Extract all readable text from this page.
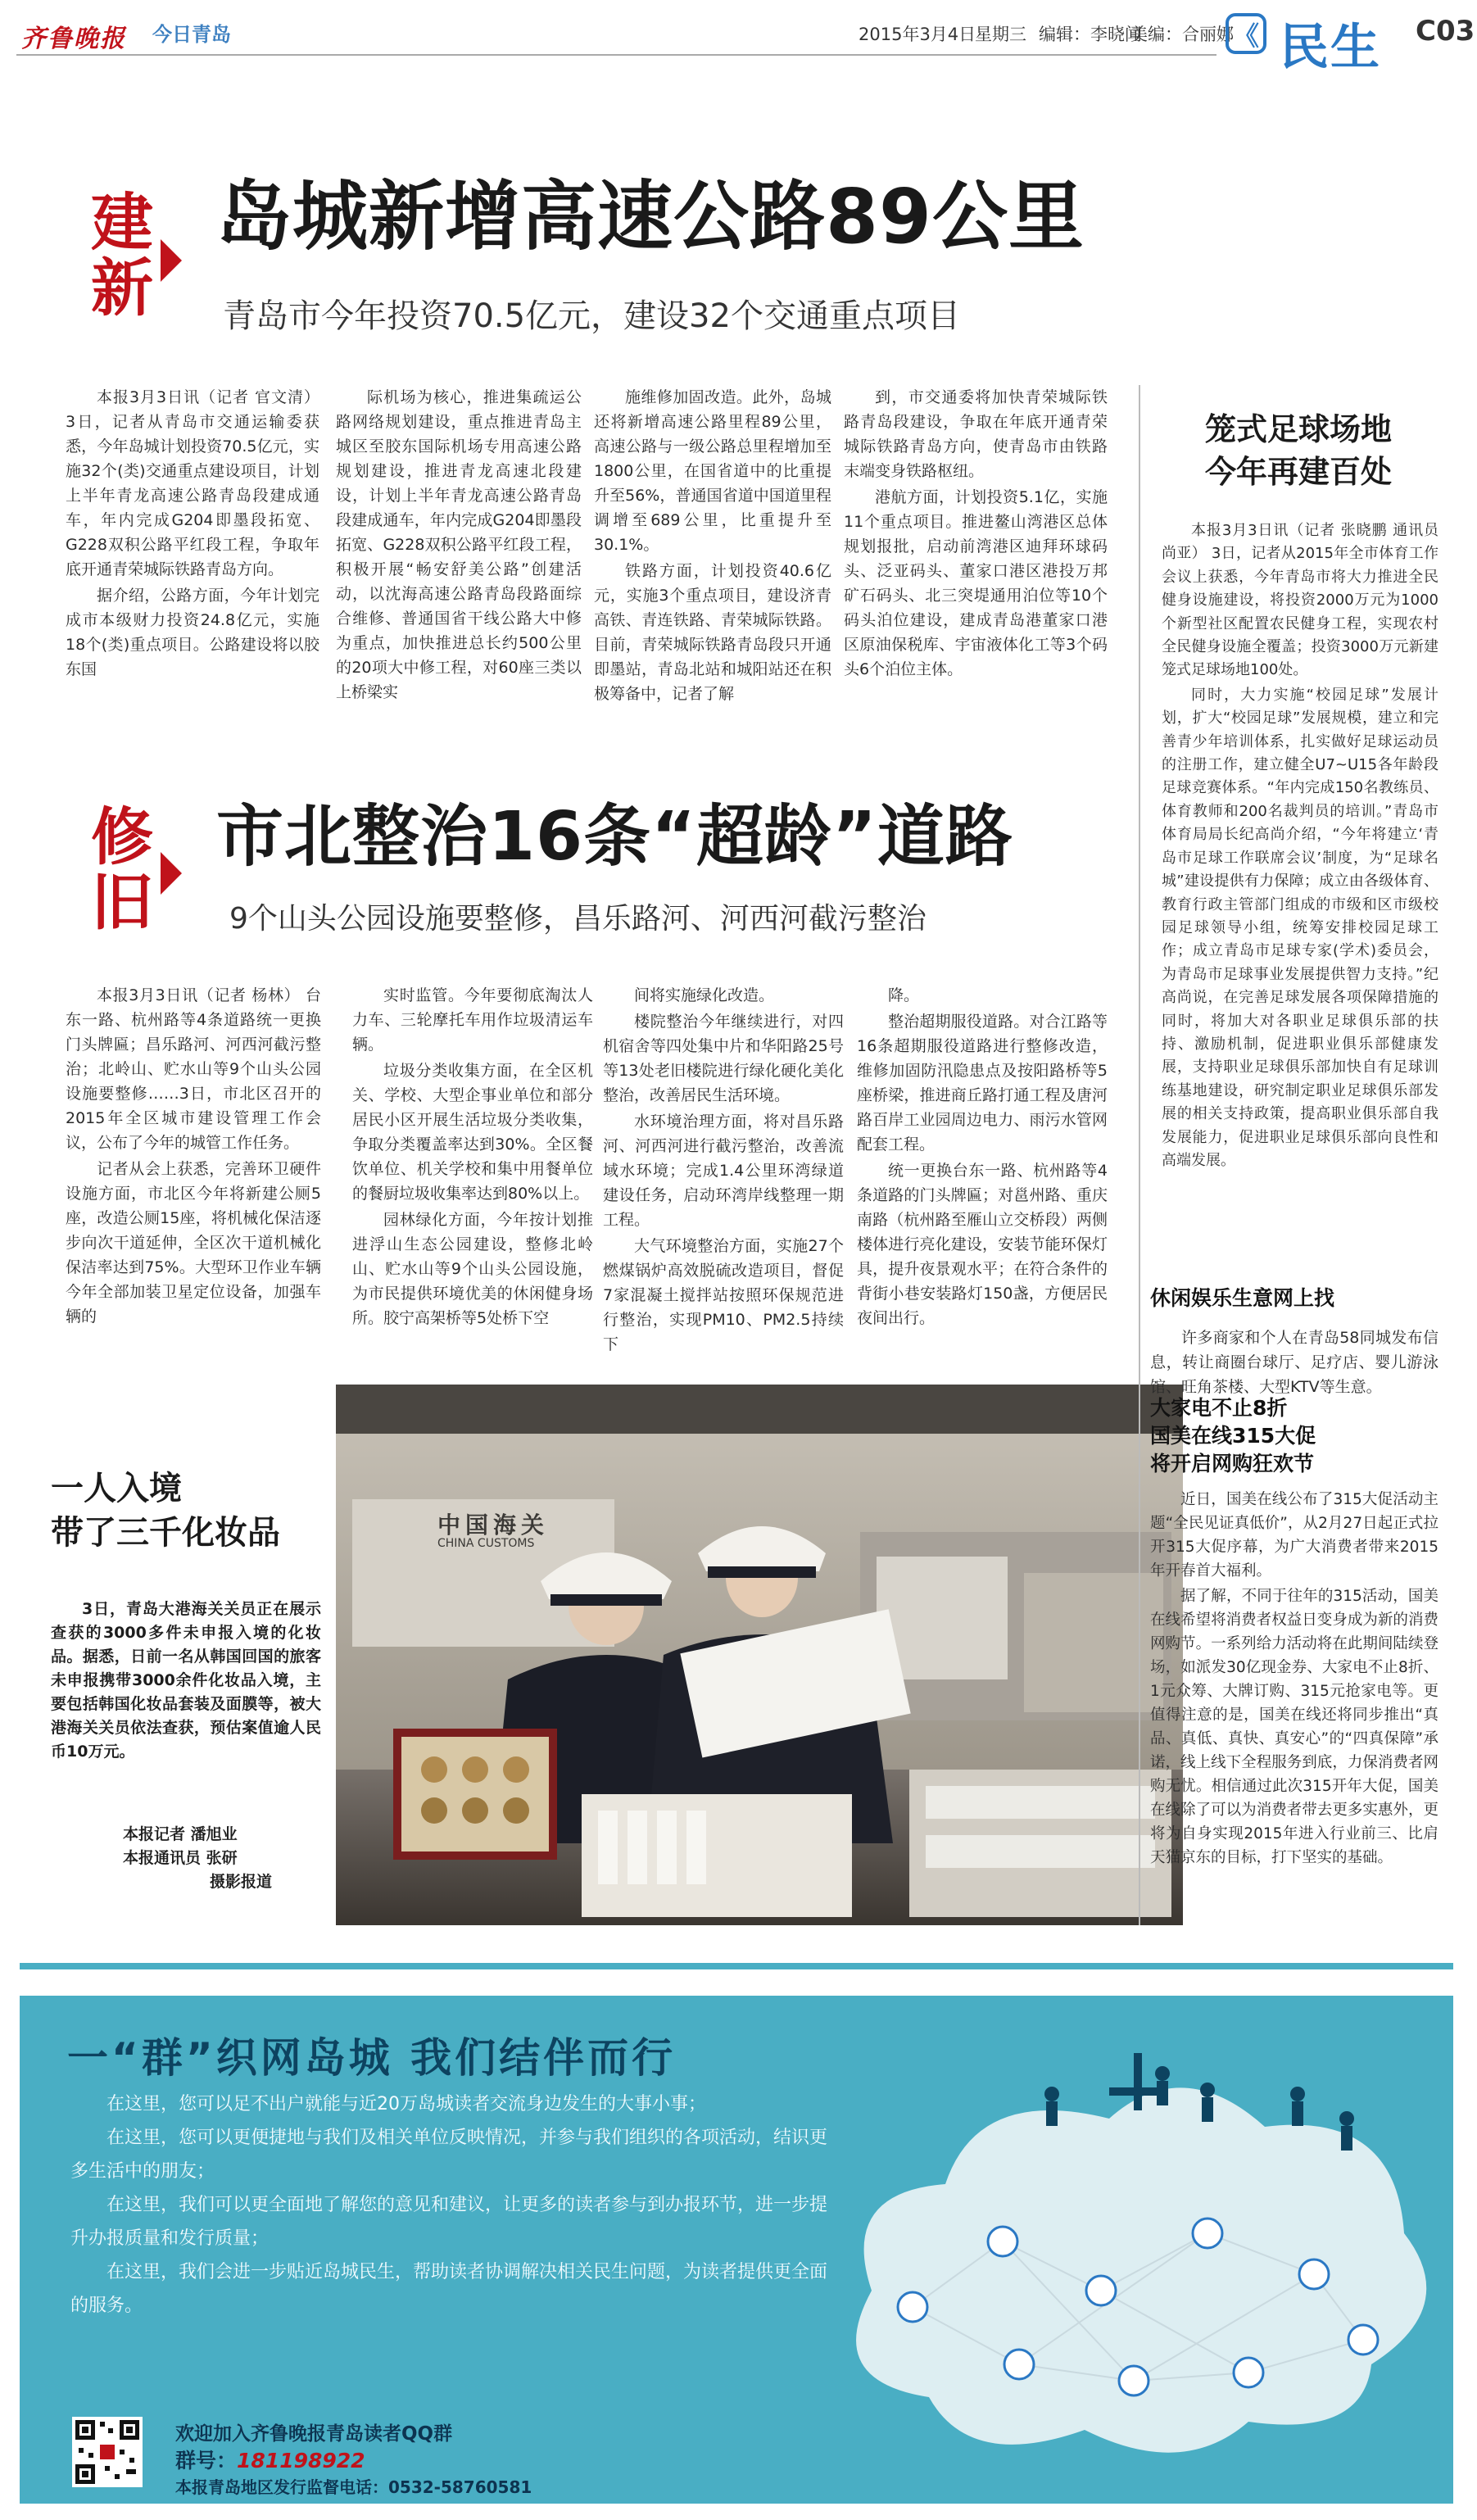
齐鲁晚报 今日青岛	2015年3月4日
星期三 编辑：李晓闻
美编：合丽娜
《 民生 C03
建新
岛城新增高速公路89公里
青岛市今年投资70.5亿元，建设32个交通重点项目

本报3月3日讯（记者 官文清） 3日，记者从青岛市交通运输委获悉，今年岛城计划投资70.5亿元，实施32个(类)交通重点建设项目，计划上半年青龙高速公路青岛段建成通车，年内完成G204即墨段拓宽、G228双积公路平红段工程，争取年底开通青荣城际铁路青岛方向。

据介绍，公路方面，今年计划完成市本级财力投资24.8亿元，实施18个(类)重点项目。公路建设将以胶东国

际机场为核心，推进集疏运公路网络规划建设，重点推进青岛主城区至胶东国际机场专用高速公路规划建设，推进青龙高速北段建设，计划上半年青龙高速公路青岛段建成通车，年内完成G204即墨段拓宽、G228双积公路平红段工程，积极开展“畅安舒美公路”创建活动，以沈海高速公路青岛段路面综合维修、普通国省干线公路大中修为重点，加快推进总长约500公里的20项大中修工程，对60座三类以上桥梁实

施维修加固改造。此外，岛城还将新增高速公路里程89公里，高速公路与一级公路总里程增加至1800公里，在国省道中的比重提升至56%，普通国省道中国道里程调增至689公里，比重提升至30.1%。

铁路方面，计划投资40.6亿元，实施3个重点项目，建设济青高铁、青连铁路、青荣城际铁路。目前，青荣城际铁路青岛段只开通即墨站，青岛北站和城阳站还在积极筹备中，记者了解

到，市交通委将加快青荣城际铁路青岛段建设，争取在年底开通青荣城际铁路青岛方向，使青岛市由铁路末端变身铁路枢纽。

港航方面，计划投资5.1亿，实施11个重点项目。推进鳌山湾港区总体规划报批，启动前湾港区迪拜环球码头、泛亚码头、董家口港区港投万邦矿石码头、北三突堤通用泊位等10个码头泊位建设，建成青岛港董家口港区原油保税库、宇宙液体化工等3个码头6个泊位主体。

修旧
市北整治16条“超龄”道路
9个山头公园设施要整修，昌乐路河、河西河截污整治

本报3月3日讯（记者 杨林） 台东一路、杭州路等4条道路统一更换门头牌匾；昌乐路河、河西河截污整治；北岭山、贮水山等9个山头公园设施要整修……3日，市北区召开的2015年全区城市建设管理工作会议，公布了今年的城管工作任务。

记者从会上获悉，完善环卫硬件设施方面，市北区今年将新建公厕5座，改造公厕15座，将机械化保洁逐步向次干道延伸，全区次干道机械化保洁率达到75%。大型环卫作业车辆今年全部加装卫星定位设备，加强车辆的

实时监管。今年要彻底淘汰人力车、三轮摩托车用作垃圾清运车辆。

垃圾分类收集方面，在全区机关、学校、大型企事业单位和部分居民小区开展生活垃圾分类收集，争取分类覆盖率达到30%。全区餐饮单位、机关学校和集中用餐单位的餐厨垃圾收集率达到80%以上。

园林绿化方面，今年按计划推进浮山生态公园建设，整修北岭山、贮水山等9个山头公园设施，为市民提供环境优美的休闲健身场所。胶宁高架桥等5处桥下空

间将实施绿化改造。

楼院整治今年继续进行，对四机宿舍等四处集中片和华阳路25号等13处老旧楼院进行绿化硬化美化整治，改善居民生活环境。

水环境治理方面，将对昌乐路河、河西河进行截污整治，改善流域水环境；完成1.4公里环湾绿道建设任务，启动环湾岸线整理一期工程。

大气环境整治方面，实施27个燃煤锅炉高效脱硫改造项目，督促7家混凝土搅拌站按照环保规范进行整治，实现PM10、PM2.5持续下

降。

整治超期服役道路。对合江路等16条超期服役道路进行整修改造，维修加固防汛隐患点及按阳路桥等5座桥梁，推进商丘路打通工程及唐河路百岸工业园周边电力、雨污水管网配套工程。

统一更换台东一路、杭州路等4条道路的门头牌匾；对邕州路、重庆南路（杭州路至雁山立交桥段）两侧楼体进行亮化建设，安装节能环保灯具，提升夜景观水平；在符合条件的背街小巷安装路灯150盏，方便居民夜间出行。

一人入境
带了三千化妆品

3日，青岛大港海关关员正在展示查获的3000多件未申报入境的化妆品。据悉，日前一名从韩国回国的旅客未申报携带3000余件化妆品入境，主要包括韩国化妆品套装及面膜等，被大港海关关员依法查获，预估案值逾人民币10万元。

本报记者 潘旭业
本报通讯员 张研
摄影报道
中国海关
CHINA CUSTOMS
笼式足球场地
今年再建百处

本报3月3日讯（记者 张晓鹏 通讯员 尚亚） 3日，记者从2015年全市体育工作会议上获悉，今年青岛市将大力推进全民健身设施建设，将投资2000万元为1000个新型社区配置农民健身工程，实现农村全民健身设施全覆盖；投资3000万元新建笼式足球场地100处。

同时，大力实施“校园足球”发展计划，扩大“校园足球”发展规模，建立和完善青少年培训体系，扎实做好足球运动员的注册工作，建立健全U7~U15各年龄段足球竞赛体系。“年内完成150名教练员、体育教师和200名裁判员的培训。”青岛市体育局局长纪高尚介绍，“今年将建立‘青岛市足球工作联席会议’制度，为“足球名城”建设提供有力保障；成立由各级体育、教育行政主管部门组成的市级和区市级校园足球领导小组，统筹安排校园足球工作；成立青岛市足球专家(学术)委员会，为青岛市足球事业发展提供智力支持。”纪高尚说，在完善足球发展各项保障措施的同时，将加大对各职业足球俱乐部的扶持、激励机制，促进职业俱乐部健康发展，支持职业足球俱乐部加快自有足球训练基地建设，研究制定职业足球俱乐部发展的相关支持政策，提高职业俱乐部自我发展能力，促进职业足球俱乐部向良性和高端发展。

休闲娱乐生意网上找

许多商家和个人在青岛58同城发布信息，转让商圈台球厅、足疗店、婴儿游泳馆、旺角茶楼、大型KTV等生意。

大家电不止8折
国美在线315大促
将开启网购狂欢节

近日，国美在线公布了315大促活动主题“全民见证真低价”，从2月27日起正式拉开315大促序幕，为广大消费者带来2015年开春首大福利。

据了解，不同于往年的315活动，国美在线希望将消费者权益日变身成为新的消费网购节。一系列给力活动将在此期间陆续登场，如派发30亿现金券、大家电不止8折、1元众筹、大牌订购、315元抢家电等。更值得注意的是，国美在线还将同步推出“真品、真低、真快、真安心”的“四真保障”承诺，线上线下全程服务到底，力保消费者网购无忧。相信通过此次315开年大促，国美在线除了可以为消费者带去更多实惠外，更将为自身实现2015年进入行业前三、比肩天猫京东的目标，打下坚实的基础。

一“群”织网岛城 我们结伴而行

在这里，您可以足不出户就能与近20万岛城读者交流身边发生的大事小事；

在这里，您可以更便捷地与我们及相关单位反映情况，并参与我们组织的各项活动，结识更多生活中的朋友；

在这里，我们可以更全面地了解您的意见和建议，让更多的读者参与到办报环节，进一步提升办报质量和发行质量；

在这里，我们会进一步贴近岛城民生，帮助读者协调解决相关民生问题，为读者提供更全面的服务。

欢迎加入齐鲁晚报青岛读者QQ群
群号：181198922
本报青岛地区发行监督电话：0532-58760581
